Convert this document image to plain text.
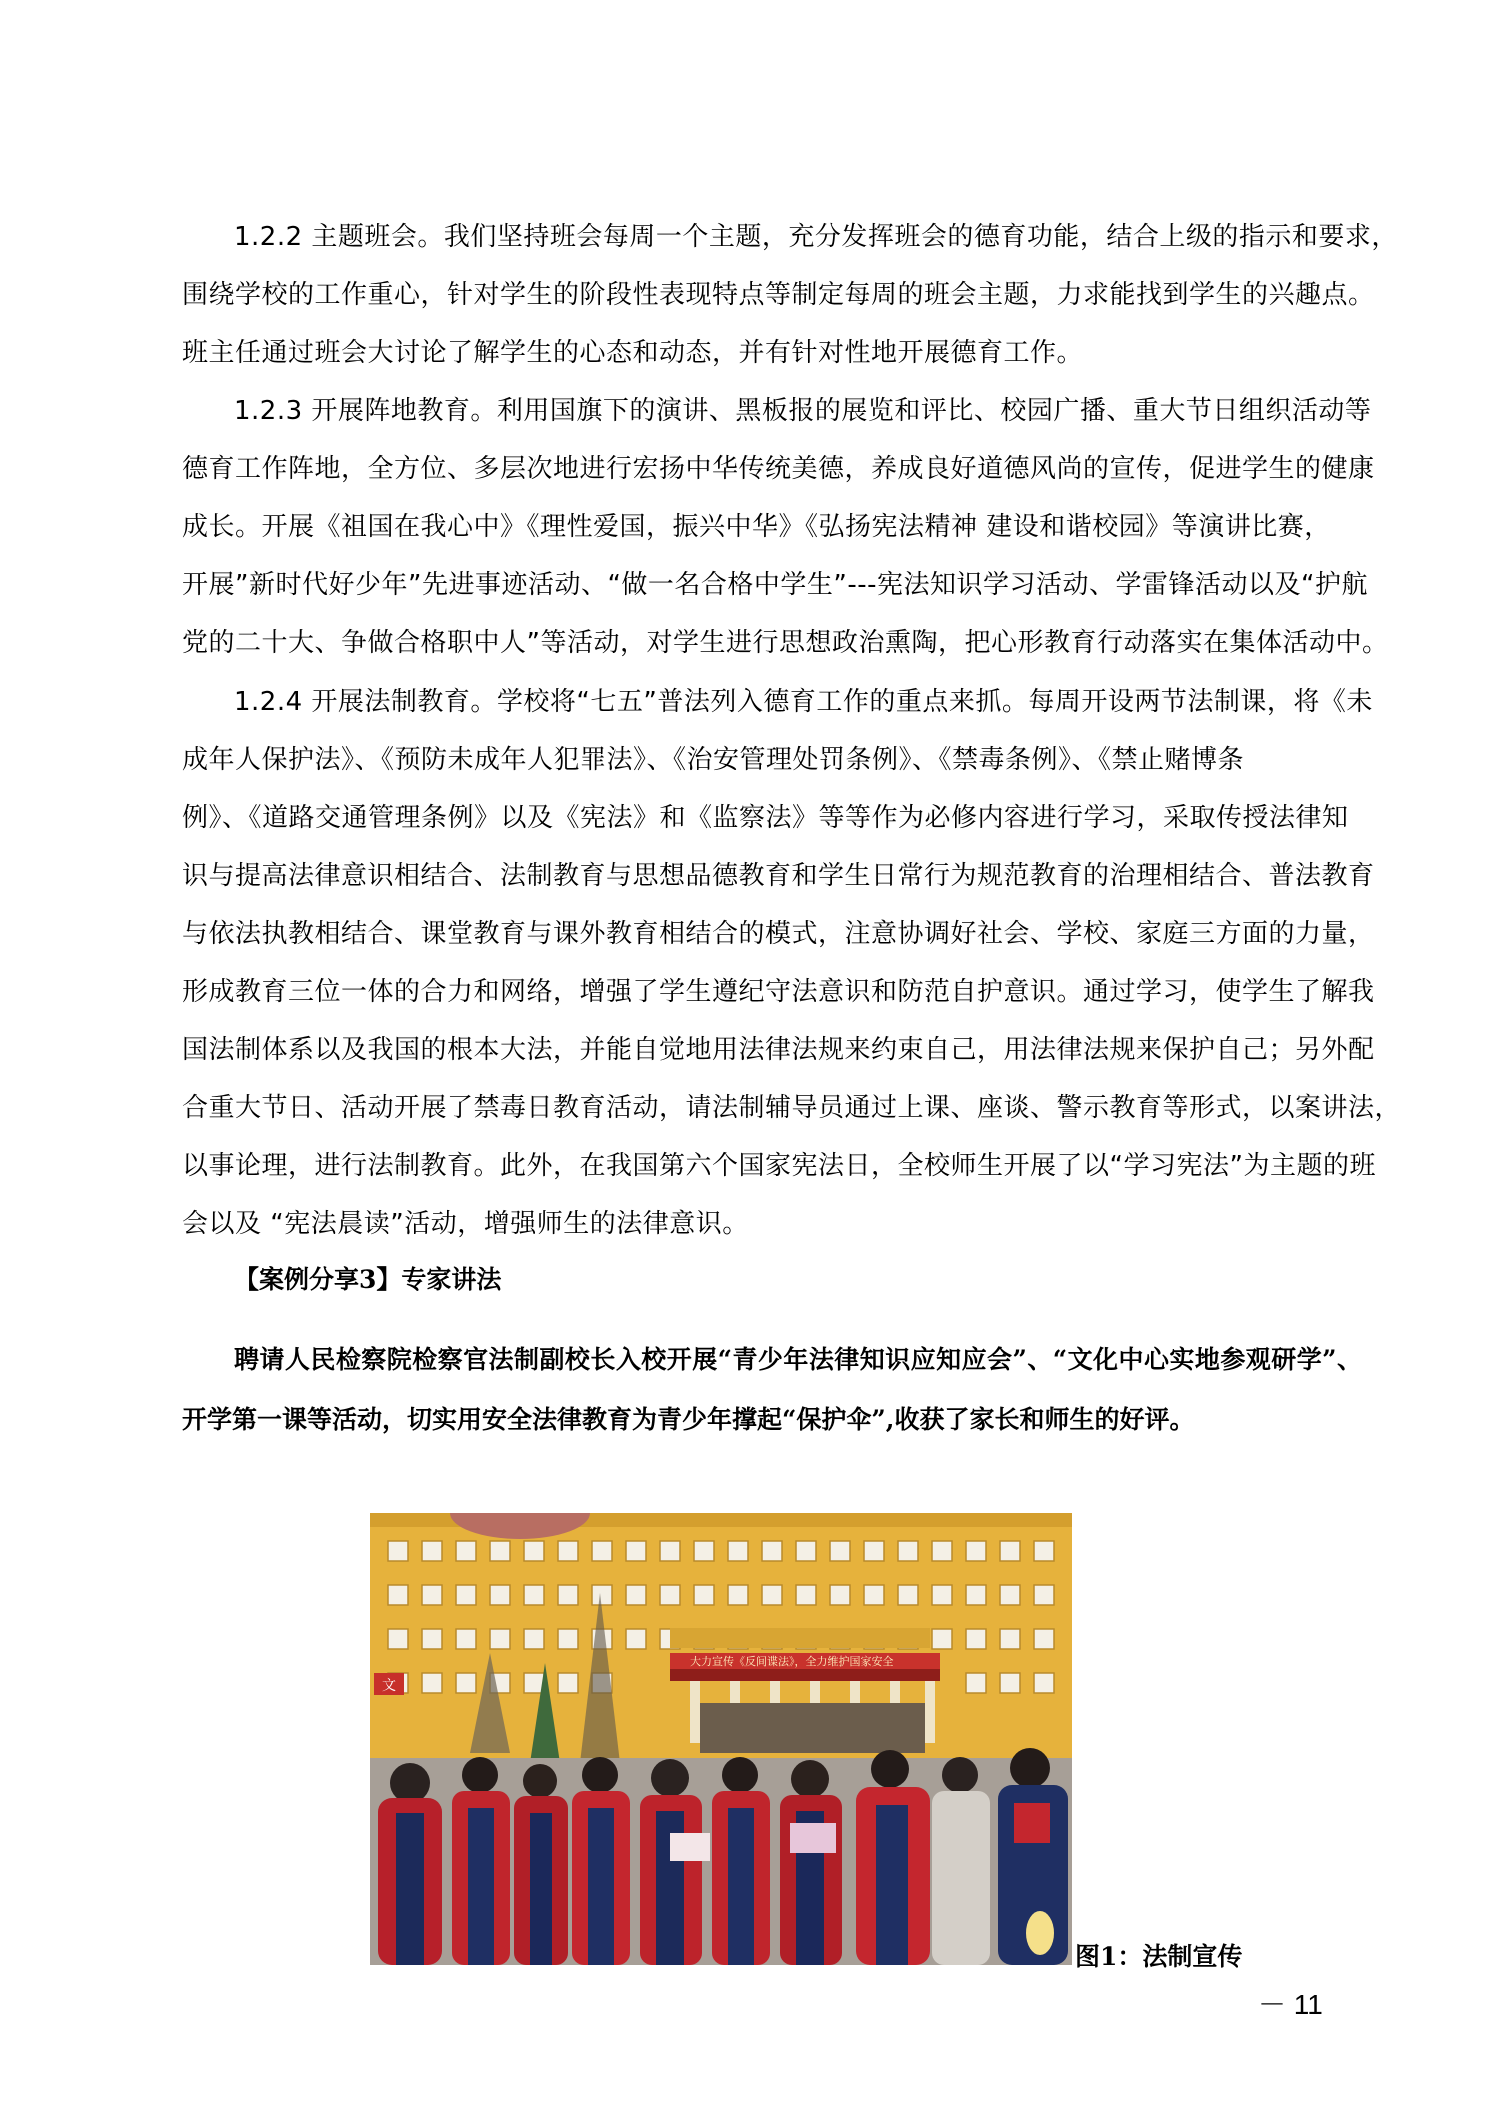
1.2.2 主题班会。我们坚持班会每周一个主题，充分发挥班会的德育功能，结合上级的指示和要求，
围绕学校的工作重心，针对学生的阶段性表现特点等制定每周的班会主题，力求能找到学生的兴趣点。
班主任通过班会大讨论了解学生的心态和动态，并有针对性地开展德育工作。
1.2.3 开展阵地教育。利用国旗下的演讲、黑板报的展览和评比、校园广播、重大节日组织活动等
德育工作阵地，全方位、多层次地进行宏扬中华传统美德，养成良好道德风尚的宣传，促进学生的健康
成长。开展《祖国在我心中》《理性爱国，振兴中华》《弘扬宪法精神 建设和谐校园》等演讲比赛，
开展”新时代好少年”先进事迹活动、“做一名合格中学生”---宪法知识学习活动、学雷锋活动以及“护航
党的二十大、争做合格职中人”等活动，对学生进行思想政治熏陶，把心形教育行动落实在集体活动中。
1.2.4 开展法制教育。学校将“七五”普法列入德育工作的重点来抓。每周开设两节法制课，将《未
成年人保护法》、《预防未成年人犯罪法》、《治安管理处罚条例》、《禁毒条例》、《禁止赌博条
例》、《道路交通管理条例》以及《宪法》和《监察法》等等作为必修内容进行学习，采取传授法律知
识与提高法律意识相结合、法制教育与思想品德教育和学生日常行为规范教育的治理相结合、普法教育
与依法执教相结合、课堂教育与课外教育相结合的模式，注意协调好社会、学校、家庭三方面的力量，
形成教育三位一体的合力和网络，增强了学生遵纪守法意识和防范自护意识。通过学习，使学生了解我
国法制体系以及我国的根本大法，并能自觉地用法律法规来约束自己，用法律法规来保护自己；另外配
合重大节日、活动开展了禁毒日教育活动，请法制辅导员通过上课、座谈、警示教育等形式，以案讲法，
以事论理，进行法制教育。此外，在我国第六个国家宪法日，全校师生开展了以“学习宪法”为主题的班
会以及 “宪法晨读”活动，增强师生的法律意识。
【案例分享3】专家讲法
聘请人民检察院检察官法制副校长入校开展“青少年法律知识应知应会”、“文化中心实地参观研学”、开学第一课等活动，切实用安全法律教育为青少年撑起“保护伞”,收获了家长和师生的好评。
大力宣传《反间谍法》，全力维护国家安全
文
图1：法制宣传
－ 11
